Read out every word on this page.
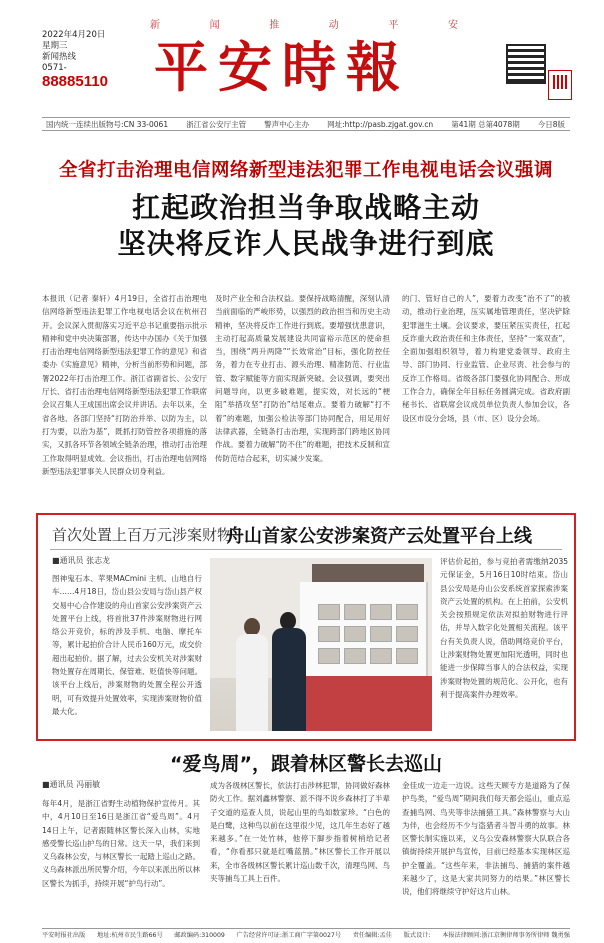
新	闻	推	动	平	安
2022年4月20日
星期三
新闻热线
0571-
88885110 平安時報
国内统一连续出版物号:CN 33-0061 浙江省公安厅主管 警声中心主办 网址:http://pasb.zjgat.gov.cn 第41期 总第4078期 今日8版
全省打击治理电信网络新型违法犯罪工作电视电话会议强调
扛起政治担当争取战略主动
坚决将反诈人民战争进行到底
本报讯（记者 秦轩）4月19日，全省打击治理电信网络新型违法犯罪工作电视电话会议在杭州召开。会议深入贯彻落实习近平总书记重要指示批示精神和党中央决策部署，传达中办国办《关于加强打击治理电信网络新型违法犯罪工作的意见》和省委办《实施意见》精神，分析当前形势和问题，部署2022年打击治理工作。浙江省副省长、公安厅厅长、省打击治理电信网络新型违法犯罪工作联席会议召集人王成国出席会议并讲话。去年以来，全省各地、各部门坚持“打防治并举、以防为主，以打为要，以治为基”，既抓打防管控各项措施的落实，又抓各环节各领域全链条治理，推动打击治理工作取得明显成效。会议指出，打击治理电信网络新型违法犯罪事关人民群众切身利益。
及时产业全和合法权益。要保持战略清醒，深刻认清当前面临的严峻形势，以强烈的政治担当和历史主动精神，坚决将反诈工作进行到底。要增强忧患意识，主动打起高质量发展建设共同富裕示范区的使命担当，围绕“两升两降”“长效常治”目标，强化防控任务，着力在专业打击、源头治理、精准防范、行业监管、数字赋能等方面实现新突破。会议强调，要突出问题导向，以更多破难题，提实效，对长远的“梗阻”举措攻坚“打防治”结尾难点。要着力破解“打不着”的难题，加强公检法等部门协同配合，用足用好法律武器，全链条打击治理，实现跨部门跨地区协同作战。要着力破解“防不住”的难题，把技术反制和宣传防范结合起来，切实减少发案。
的门、管好自己的人”，要着力改变“治不了”的被动，推动行业治理，压实属地管理责任，坚决铲除犯罪滋生土壤。会议要求，要压紧压实责任，扛起反诈重大政治责任和主体责任，坚持“一案双查”，全面加强组织领导，着力构建党委领导、政府主导、部门协同、行业监管、企业尽责、社会参与的反诈工作格局。省级各部门要强化协同配合、形成工作合力，确保全年目标任务圆满完成。省政府副秘书长、省联席会议成员单位负责人参加会议，各设区市设分会场，县（市、区）设分会场。
首次处置上百万元涉案财物
舟山首家公安涉案资产云处置平台上线
■通讯员 张志龙
图神鬼石本、苹果MACmini 主机、山地自行车……4月18日，岱山县公安局与岱山县产权交易中心合作建设的舟山首家公安涉案资产云处置平台上线，将首批37件涉案财物进行网络公开竞价，标的涉及手机、电脑、摩托车等，累计起拍价合计人民币160万元，成交价超出起拍价。据了解，过去公安机关对涉案财物处置存在周期长、保管难、贬值快等问题。该平台上线后，涉案财物的处置全程公开透明，可有效提升处置效率，实现涉案财物价值最大化。
评估价起拍，参与竞拍者需缴纳2035元保证金，5月16日10时结束。岱山县公安局是舟山公安系统首家探索涉案资产云处置的机构。在上拍前，公安机关会按照规定依法对拟拍财物进行评估，并导入数字化处置相关流程。该平台有关负责人说，借助网络竞价平台，让涉案财物处置更加阳光透明，同时也能进一步保障当事人的合法权益，实现涉案财物处置的规范化、公开化，也有利于提高案件办理效率。
“爱鸟周”，跟着林区警长去巡山
■通讯员 冯丽敏
每年4月，是浙江省野生动植物保护宣传月。其中，4月10日至16日是浙江省“爱鸟周”。4月14日上午，记者跟随林区警长深入山林，实地感受警长巡山护鸟的日常。这天一早，我们来到义乌森林公安，与林区警长一起踏上巡山之路。义乌森林派出所民警介绍，今年以来派出所以林区警长为抓手，持续开展“护鸟行动”。
成为各级林区警长，依法打击涉林犯罪，协同做好森林防火工作。据刘鑫林警察、派不得不说乡森林打了半辈子交道的巡查人员，说起山里的鸟如数家珍。“白色的是白鹭，这种鸟以前在这里很少见，这几年生态好了越来越多。”在一处竹林，他停下脚步指着树梢给记者看，“你看那只就是红嘴蓝鹊。”林区警长工作开展以来，全市各级林区警长累计巡山数千次，清理鸟网、鸟夹等捕鸟工具上百件。
金佳成一边走一边说。这些天顾专方是道路为了保护鸟类，“爱鸟周”期间我们每天都会巡山，重点巡查捕鸟网、鸟夹等非法捕猎工具。”森林警察与大山为伴，也会经历不少与盗猎者斗智斗勇的故事。林区警长制实施以来，义乌公安森林警察大队联合各镇街持续开展护鸟宣传，目前已经基本实现林区巡护全覆盖。“这些年来，非法捕鸟、捕猎的案件越来越少了，这是大家共同努力的结果。”林区警长说，他们将继续守护好这片山林。
平安时报社出版 地址:杭州市民生路66号 邮政编码:310009 广告经营许可证:浙工商广字第0027号 责任编辑:孟佳 版式设计: 本报法律顾问:浙江京衡律师事务所律师 魏勇强
